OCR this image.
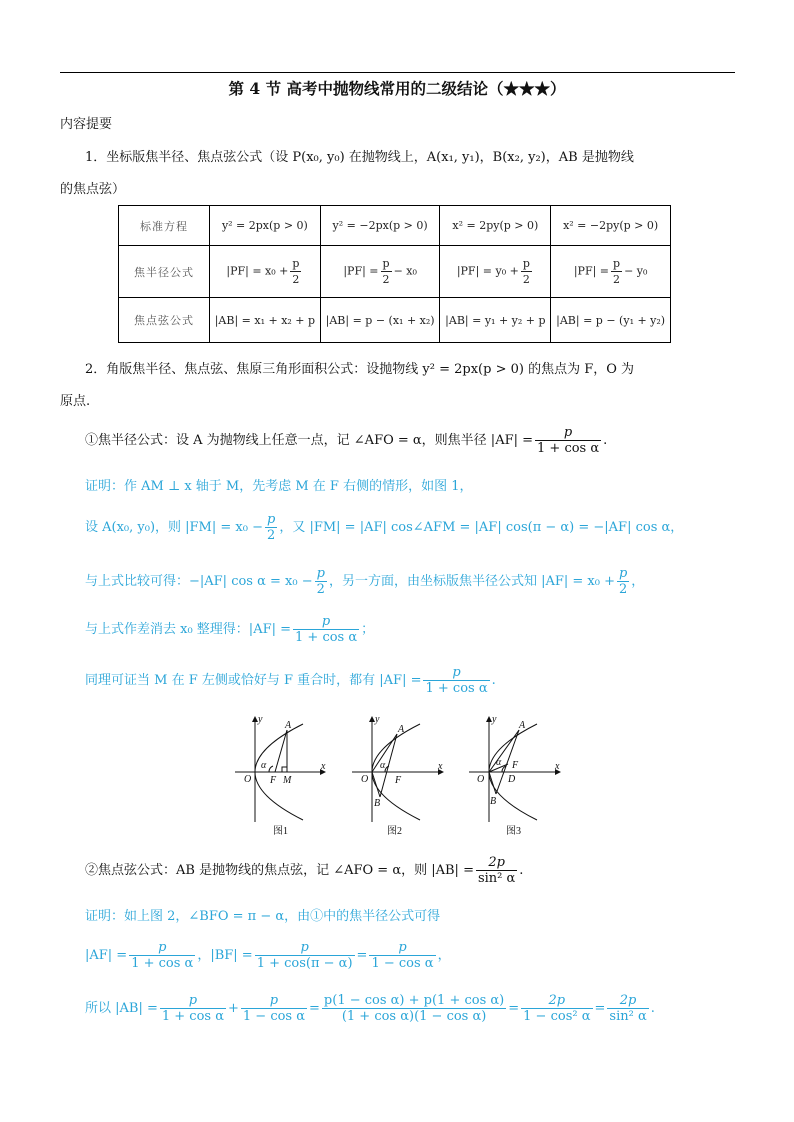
第 4 节 高考中抛物线常用的二级结论（★★★）
内容提要
1．坐标版焦半径、焦点弦公式（设 P(x₀, y₀) 在抛物线上，A(x₁, y₁)，B(x₂, y₂)，AB 是抛物线
的焦点弦）
标准方程	y² = 2px(p > 0)	y² = −2px(p > 0)	x² = 2py(p > 0)	x² = −2py(p > 0)
焦半径公式	$|PF| = x_0 + \frac{p}{2}$	$|PF| = \frac{p}{2} - x_0$	$|PF| = y_0 + \frac{p}{2}$	$|PF| = \frac{p}{2} - y_0$
焦点弦公式	|AB| = x₁ + x₂ + p	|AB| = p − (x₁ + x₂)	|AB| = y₁ + y₂ + p	|AB| = p − (y₁ + y₂)
2．角版焦半径、焦点弦、焦原三角形面积公式：设抛物线 y² = 2px(p > 0) 的焦点为 F，O 为
原点.
①焦半径公式：设 A 为抛物线上任意一点，记 ∠AFO = α，则焦半径 $|AF| = \frac{p}{\text{1 + cos α}}$ .
证明：作 AM ⊥ x 轴于 M，先考虑 M 在 F 右侧的情形，如图 1，
设 A(x₀, y₀)，则 $|FM| = x_0 - \frac{p}{2}$ ，又 |FM| = |AF| cos∠AFM = |AF| cos(π − α) = −|AF| cos α，
与上式比较可得：−|AF| $\cos \alpha = x_0 - \frac{p}{2}$ ，另一方面，由坐标版焦半径公式知 $|AF| = x_0 + \frac{p}{2}$ ，
与上式作差消去 x₀ 整理得：$|AF| = \frac{p}{\text{1 + cos α}}$ ；
同理可证当 M 在 F 左侧或恰好与 F 重合时，都有 $|AF| = \frac{p}{\text{1 + cos α}}$ .
y
x
O F M
A
α
图1
y
x
O	F
A
B
α
图2
y
x
O
F
D
A
B
α
图3
②焦点弦公式：AB 是抛物线的焦点弦，记 ∠AFO = α，则 $|AB| = \frac{2p}{\text{sin² α}}$ .
证明：如上图 2，∠BFO = π − α，由①中的焦半径公式可得
$|AF| = \frac{p}{\text{1 + cos α}}$ ，$|BF| = \frac{p}{1 + \cos(\pi - \alpha)} = \frac{p}{\text{1 − cos α}}$ ，
所以 $|AB| = \frac{p}{\text{1 + cos α}} + \frac{p}{\text{1 − cos α}} = \frac{\text{p(1 − cos α) + p(1 + cos α)}}{\text{(1 + cos α)(1 − cos α)}} = \frac{2p}{\text{1 − cos² α}} = \frac{2p}{\text{sin² α}}$ .
